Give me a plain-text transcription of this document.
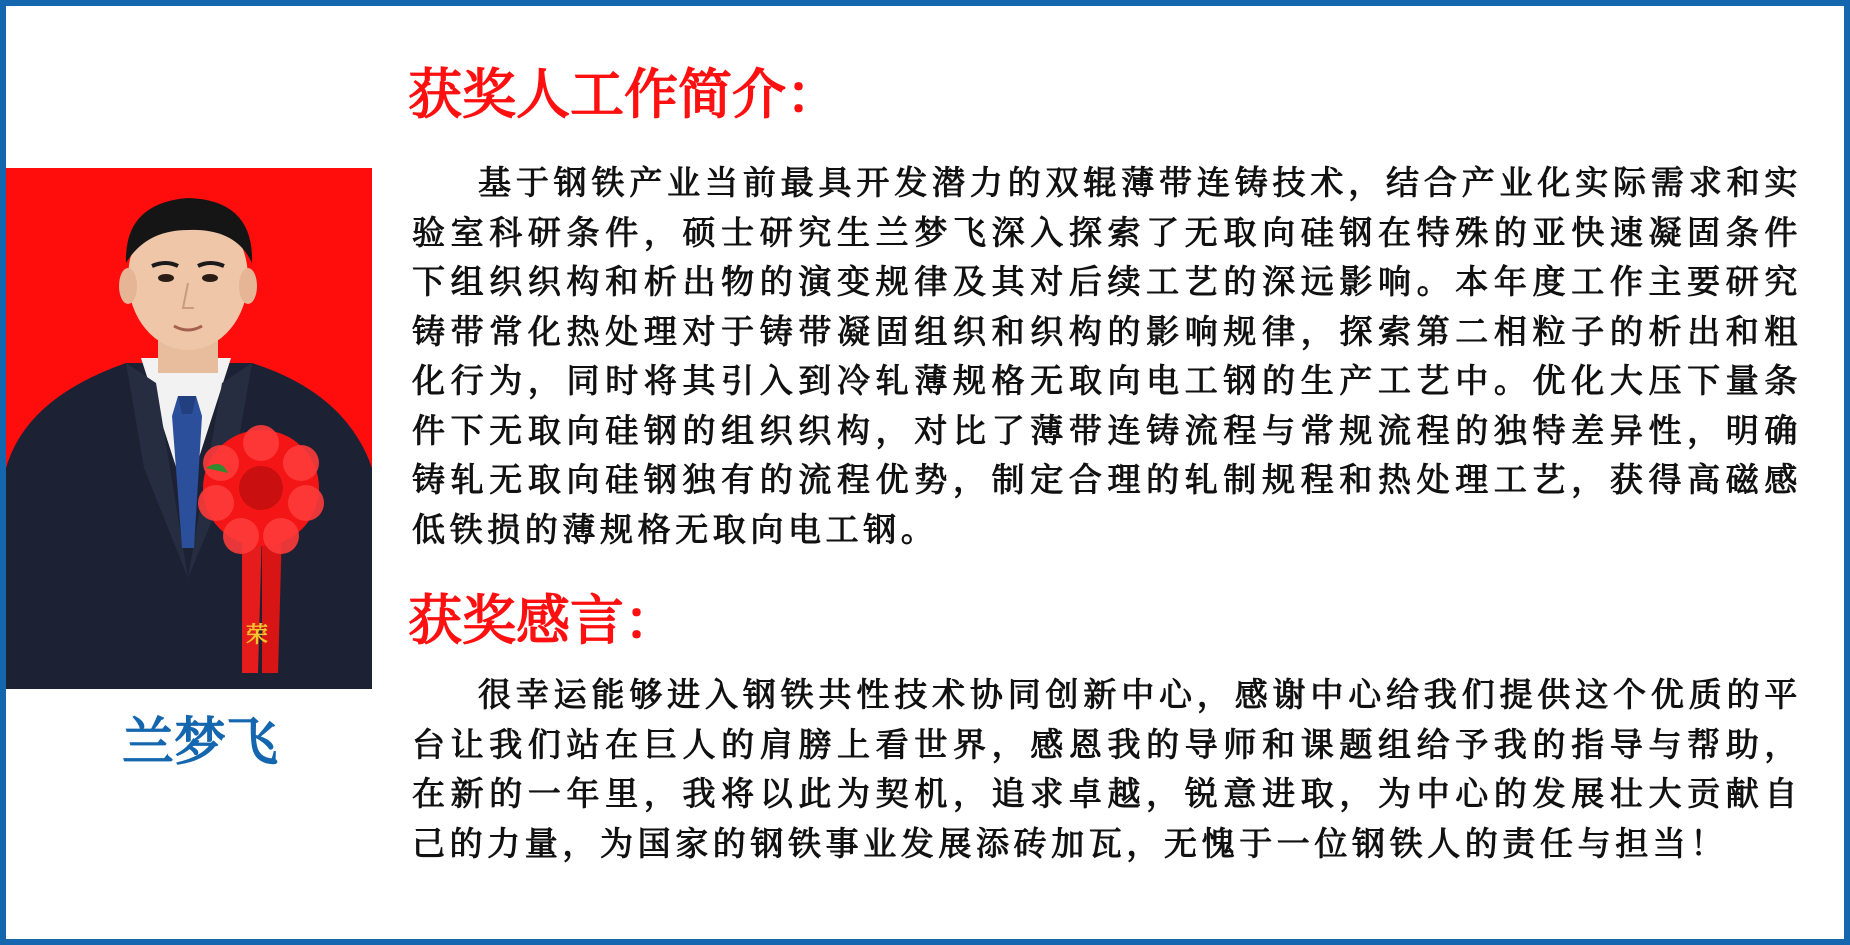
荣
兰梦飞
获奖人工作简介：

基于钢铁产业当前最具开发潜力的双辊薄带连铸技术，结合产业化实际需求和实验室科研条件，硕士研究生兰梦飞深入探索了无取向硅钢在特殊的亚快速凝固条件下组织织构和析出物的演变规律及其对后续工艺的深远影响。本年度工作主要研究铸带常化热处理对于铸带凝固组织和织构的影响规律，探索第二相粒子的析出和粗化行为，同时将其引入到冷轧薄规格无取向电工钢的生产工艺中。优化大压下量条件下无取向硅钢的组织织构，对比了薄带连铸流程与常规流程的独特差异性，明确铸轧无取向硅钢独有的流程优势，制定合理的轧制规程和热处理工艺，获得高磁感低铁损的薄规格无取向电工钢。

获奖感言：

很幸运能够进入钢铁共性技术协同创新中心，感谢中心给我们提供这个优质的平台让我们站在巨人的肩膀上看世界，感恩我的导师和课题组给予我的指导与帮助，在新的一年里，我将以此为契机，追求卓越，锐意进取，为中心的发展壮大贡献自己的力量，为国家的钢铁事业发展添砖加瓦，无愧于一位钢铁人的责任与担当！
